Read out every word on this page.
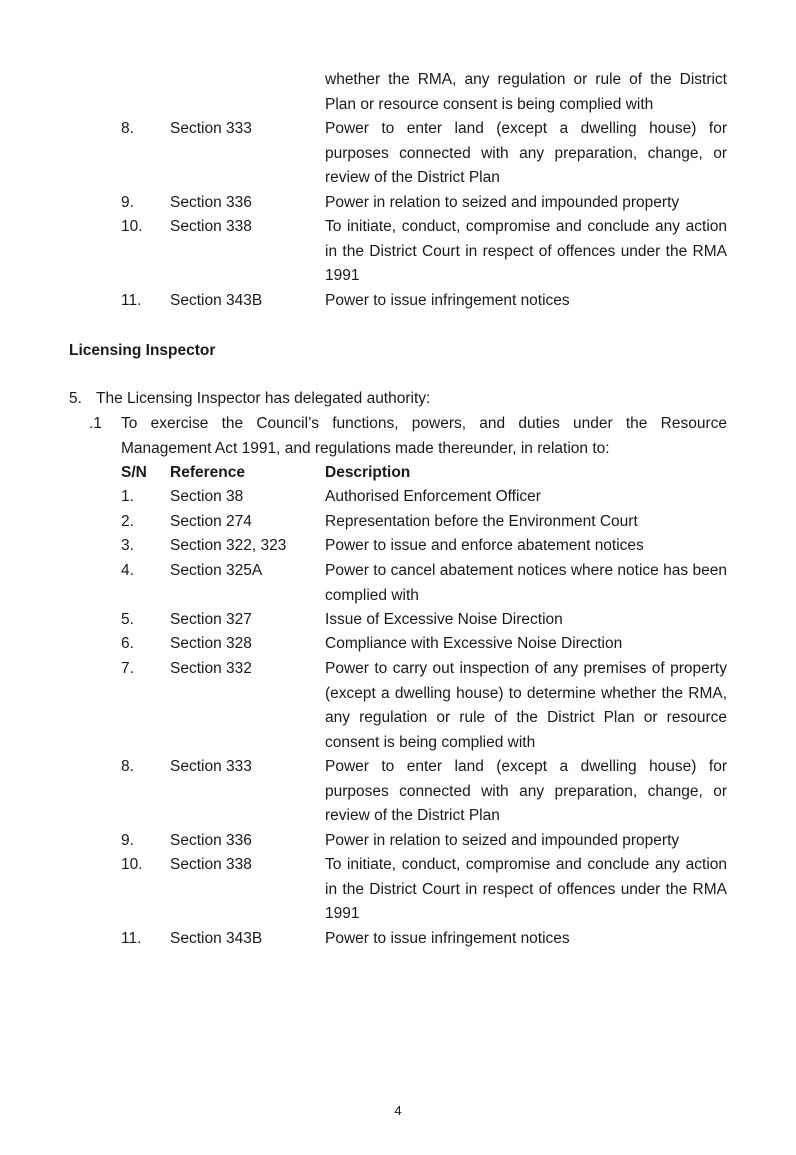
whether the RMA, any regulation or rule of the District Plan or resource consent is being complied with
8.	Section 333	Power to enter land (except a dwelling house) for purposes connected with any preparation, change, or review of the District Plan
9.	Section 336	Power in relation to seized and impounded property
10.	Section 338	To initiate, conduct, compromise and conclude any action in the District Court in respect of offences under the RMA 1991
11.	Section 343B	Power to issue infringement notices
Licensing Inspector
5. The Licensing Inspector has delegated authority:
.1 To exercise the Council’s functions, powers, and duties under the Resource Management Act 1991, and regulations made thereunder, in relation to:
S/N	Reference	Description
1.	Section 38	Authorised Enforcement Officer
2.	Section 274	Representation before the Environment Court
3.	Section 322, 323	Power to issue and enforce abatement notices
4.	Section 325A	Power to cancel abatement notices where notice has been complied with
5.	Section 327	Issue of Excessive Noise Direction
6.	Section 328	Compliance with Excessive Noise Direction
7.	Section 332	Power to carry out inspection of any premises of property (except a dwelling house) to determine whether the RMA, any regulation or rule of the District Plan or resource consent is being complied with
8.	Section 333	Power to enter land (except a dwelling house) for purposes connected with any preparation, change, or review of the District Plan
9.	Section 336	Power in relation to seized and impounded property
10.	Section 338	To initiate, conduct, compromise and conclude any action in the District Court in respect of offences under the RMA 1991
11.	Section 343B	Power to issue infringement notices
4
